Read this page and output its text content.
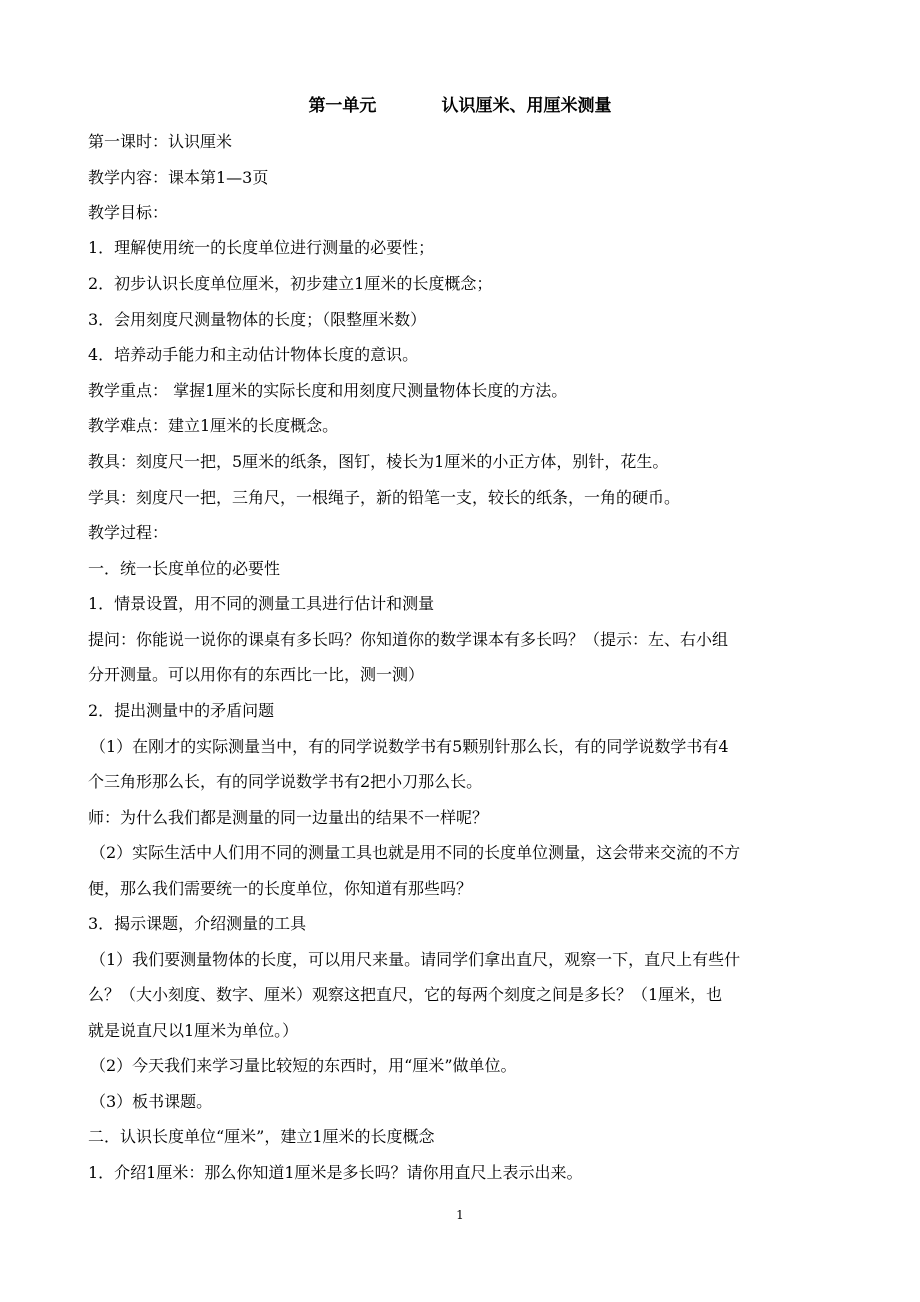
第一单元           认识厘米、用厘米测量
第一课时：认识厘米
教学内容：课本第1—3页
教学目标：
1．理解使用统一的长度单位进行测量的必要性；
2．初步认识长度单位厘米，初步建立1厘米的长度概念；
3．会用刻度尺测量物体的长度；（限整厘米数）
4．培养动手能力和主动估计物体长度的意识。
教学重点： 掌握1厘米的实际长度和用刻度尺测量物体长度的方法。
教学难点：建立1厘米的长度概念。
教具：刻度尺一把，5厘米的纸条，图钉，棱长为1厘米的小正方体，别针，花生。
学具：刻度尺一把，三角尺，一根绳子，新的铅笔一支，较长的纸条，一角的硬币。
教学过程：
一．统一长度单位的必要性
1．情景设置，用不同的测量工具进行估计和测量
提问：你能说一说你的课桌有多长吗？你知道你的数学课本有多长吗？（提示：左、右小组
分开测量。可以用你有的东西比一比，测一测）
2．提出测量中的矛盾问题
（1）在刚才的实际测量当中，有的同学说数学书有5颗别针那么长，有的同学说数学书有4
个三角形那么长，有的同学说数学书有2把小刀那么长。
师：为什么我们都是测量的同一边量出的结果不一样呢？
（2）实际生活中人们用不同的测量工具也就是用不同的长度单位测量，这会带来交流的不方
便，那么我们需要统一的长度单位，你知道有那些吗？
3．揭示课题，介绍测量的工具
（1）我们要测量物体的长度，可以用尺来量。请同学们拿出直尺，观察一下，直尺上有些什
么？（大小刻度、数字、厘米）观察这把直尺，它的每两个刻度之间是多长？（1厘米，也
就是说直尺以1厘米为单位。）
（2）今天我们来学习量比较短的东西时，用“厘米”做单位。
（3）板书课题。
二．认识长度单位“厘米”，建立1厘米的长度概念
1．介绍1厘米：那么你知道1厘米是多长吗？请你用直尺上表示出来。
1
